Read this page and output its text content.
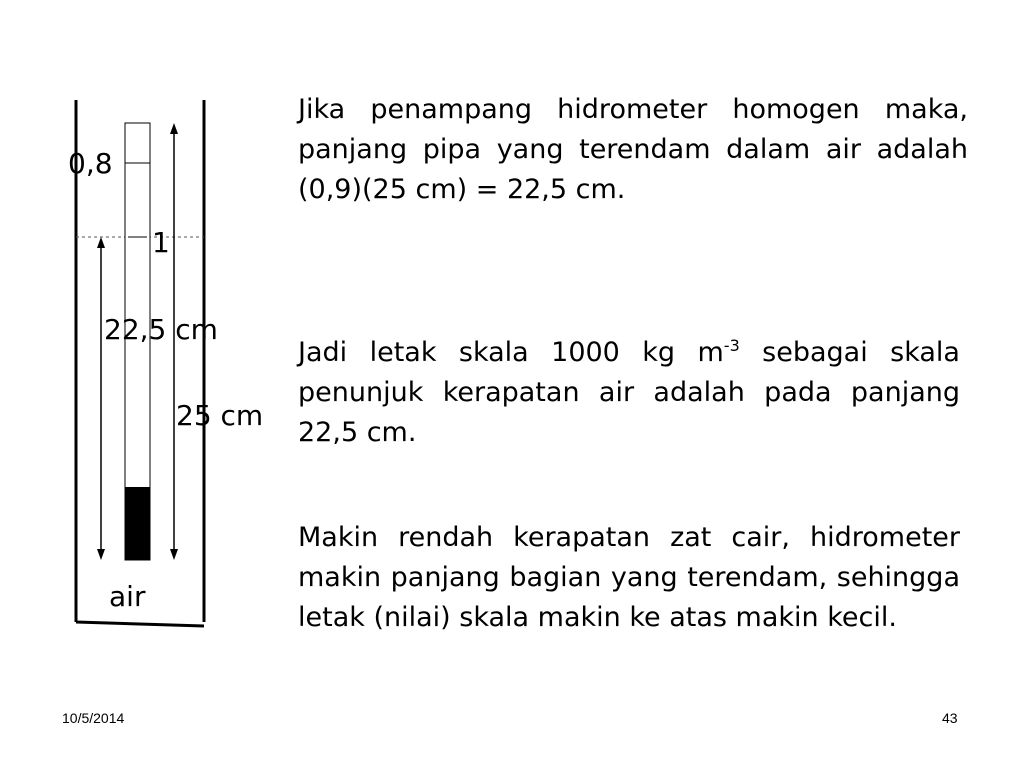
0,8
1
22,5 cm
25 cm
air

Jika penampang hidrometer homogen maka, panjang pipa yang terendam dalam air adalah (0,9)(25 cm) = 22,5 cm.

Jadi letak skala 1000 kg $m^{-3}$ sebagai skala penunjuk kerapatan air adalah pada panjang 22,5 cm.

Makin rendah kerapatan zat cair, hidrometer makin panjang bagian yang terendam, sehingga letak (nilai) skala makin ke atas makin kecil.

10/5/2014	43
